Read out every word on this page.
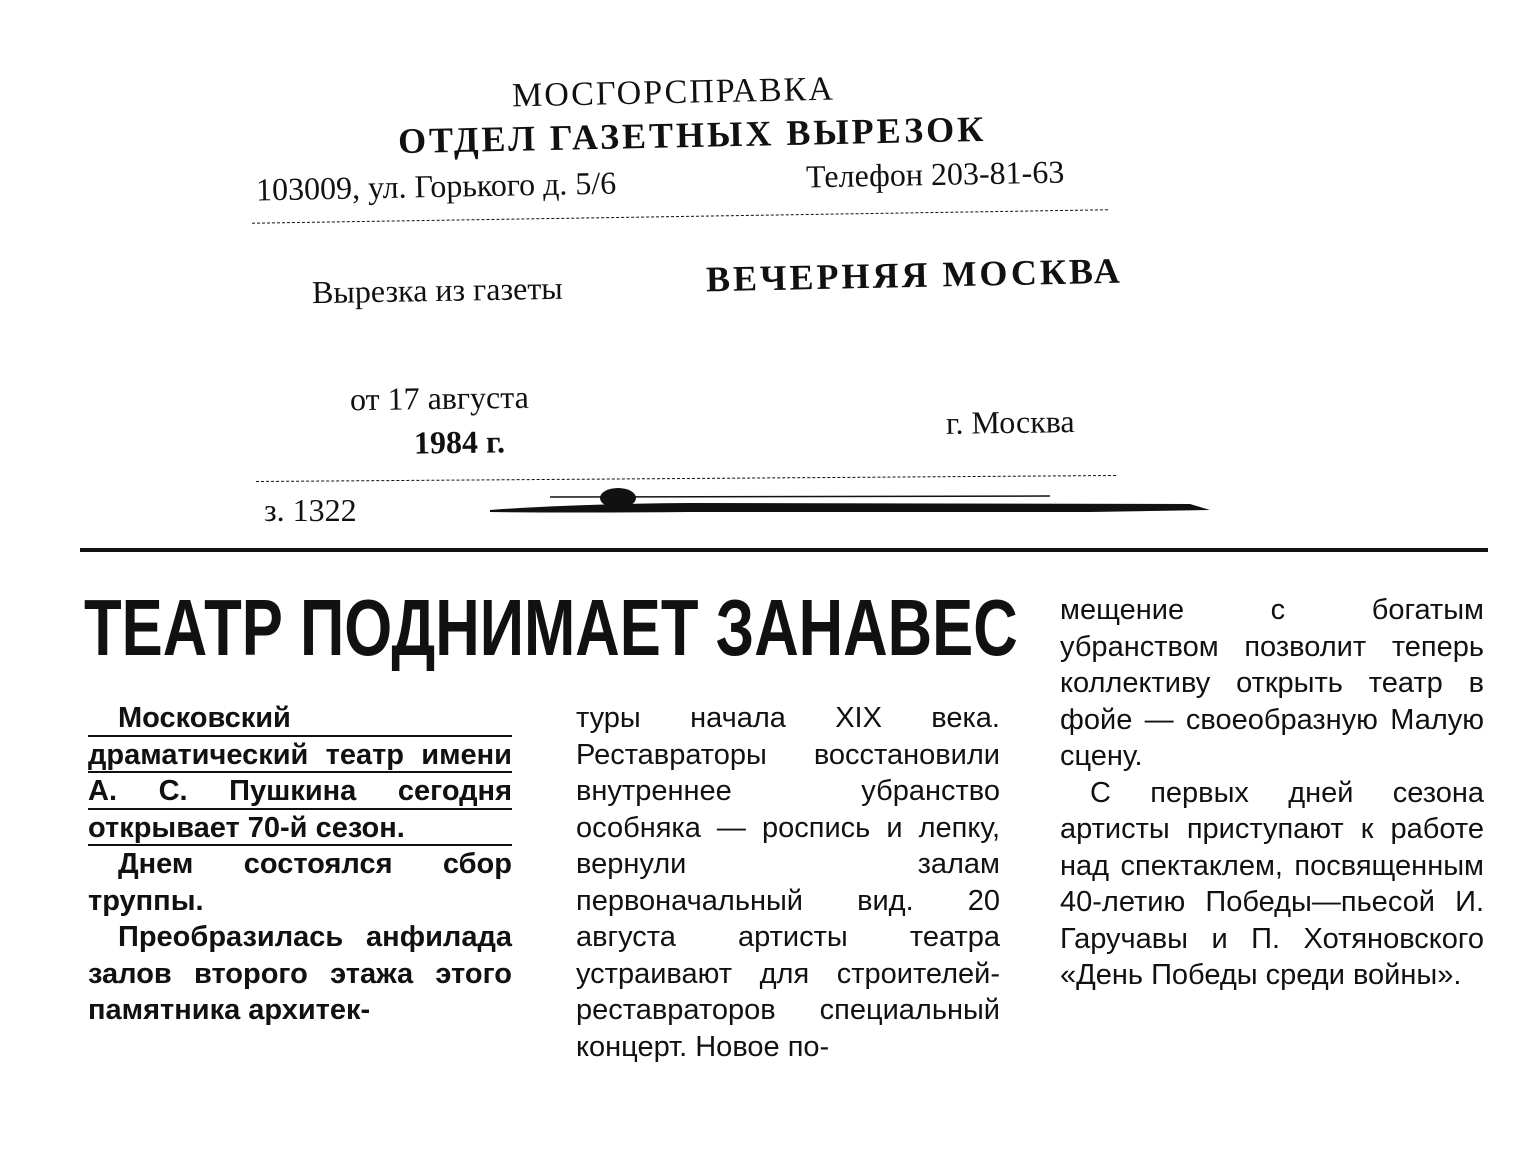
МОСГОРСПРАВКА
ОТДЕЛ ГАЗЕТНЫХ ВЫРЕЗОК
103009, ул. Горького д. 5/6	Телефон 203-81-63
Вырезка из газеты	ВЕЧЕРНЯЯ МОСКВА
от 17 августа
1984 г.
г. Москва
з. 1322
ТЕАТР ПОДНИМАЕТ ЗАНАВЕС

Московский драматический театр имени А. С. Пушкина сегодня открывает 70-й сезон.

Днем состоялся сбор труппы.

Преобразилась анфилада залов второго этажа этого памятника архитек-

туры начала XIX века. Реставраторы восстановили внутреннее убранство особняка — роспись и лепку, вернули залам первоначальный вид. 20 августа артисты театра устраивают для строителей-реставраторов специальный концерт. Новое по-

мещение с богатым убранством позволит теперь коллективу открыть театр в фойе — своеобразную Малую сцену.

С первых дней сезона артисты приступают к работе над спектаклем, посвященным 40-летию Победы—пьесой И. Гаручавы и П. Хотяновского «День Победы среди войны».
